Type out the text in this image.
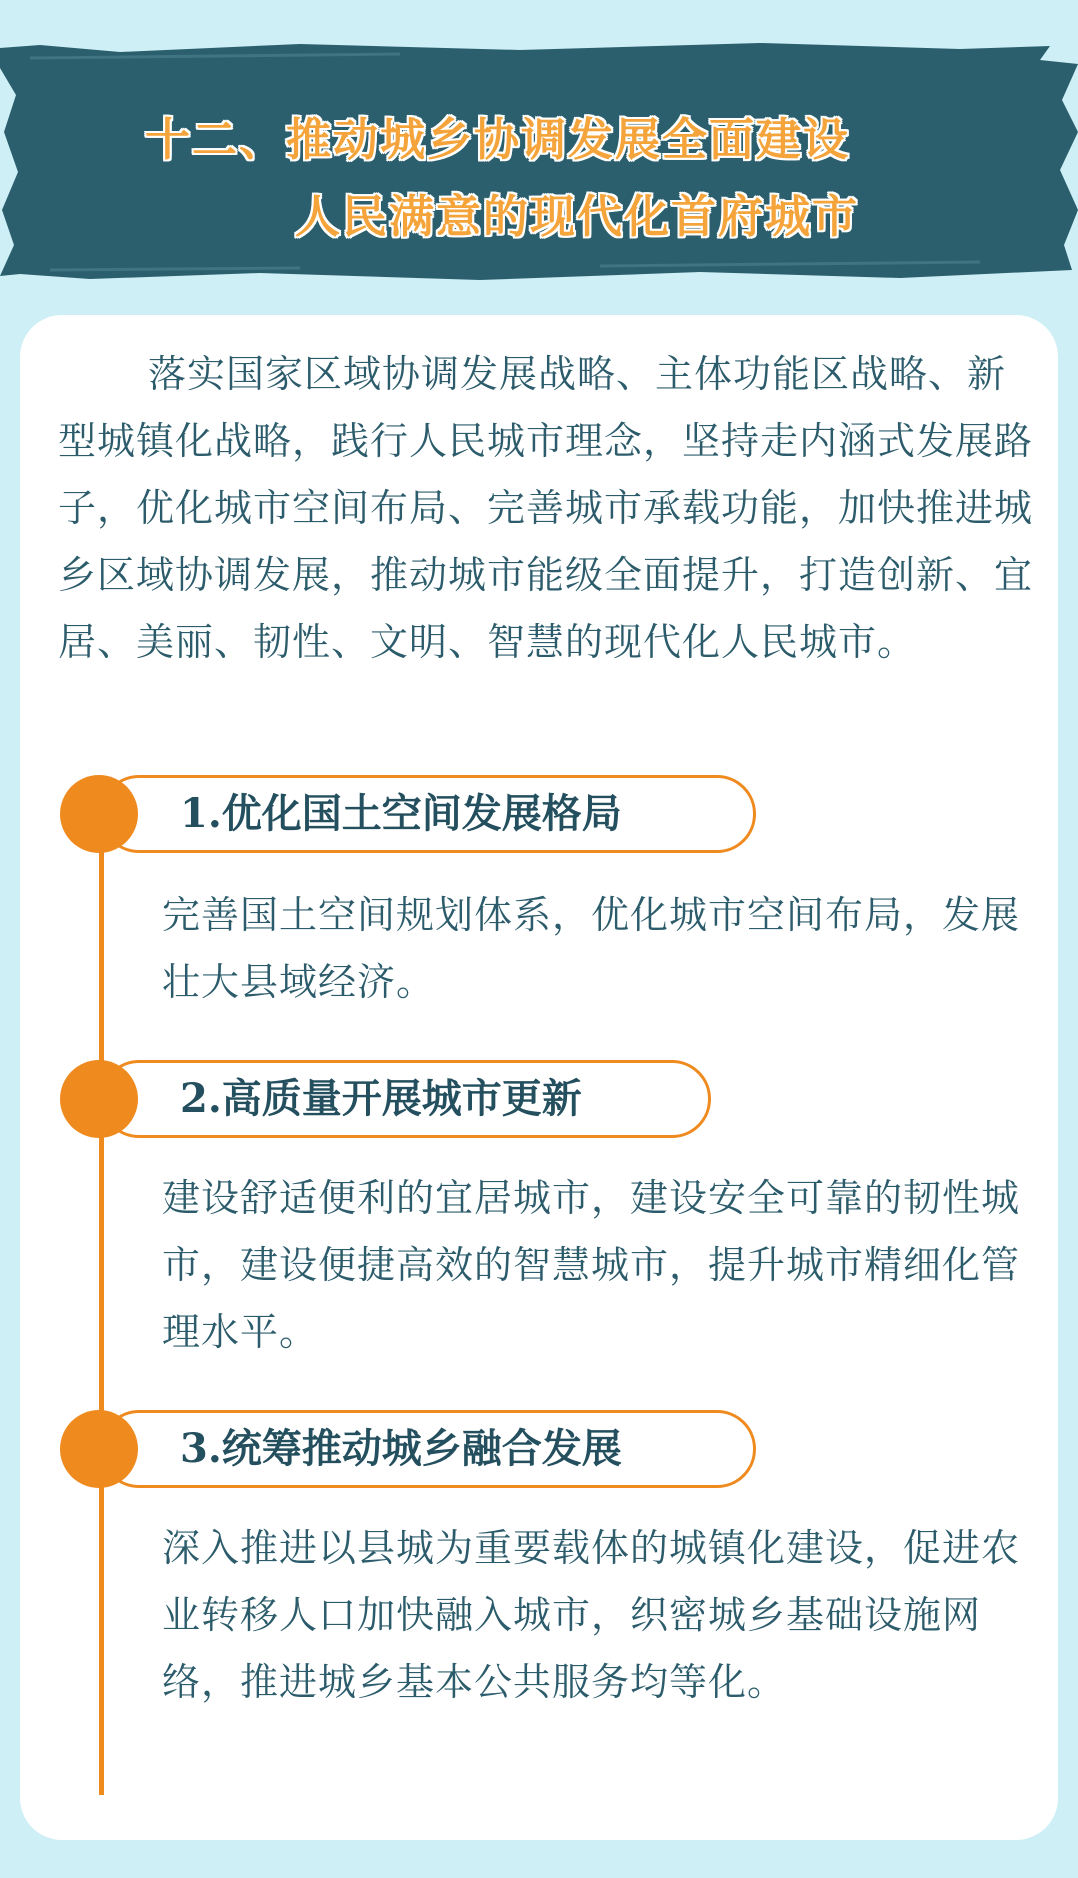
十二、推动城乡协调发展全面建设
人民满意的现代化首府城市

落实国家区域协调发展战略、主体功能区战略、新型城镇化战略，践行人民城市理念，坚持走内涵式发展路子，优化城市空间布局、完善城市承载功能，加快推进城乡区域协调发展，推动城市能级全面提升，打造创新、宜居、美丽、韧性、文明、智慧的现代化人民城市。

1.优化国土空间发展格局

完善国土空间规划体系，优化城市空间布局，发展壮大县域经济。

2.高质量开展城市更新

建设舒适便利的宜居城市，建设安全可靠的韧性城市，建设便捷高效的智慧城市，提升城市精细化管理水平。

3.统筹推动城乡融合发展

深入推进以县城为重要载体的城镇化建设，促进农业转移人口加快融入城市，织密城乡基础设施网络，推进城乡基本公共服务均等化。
